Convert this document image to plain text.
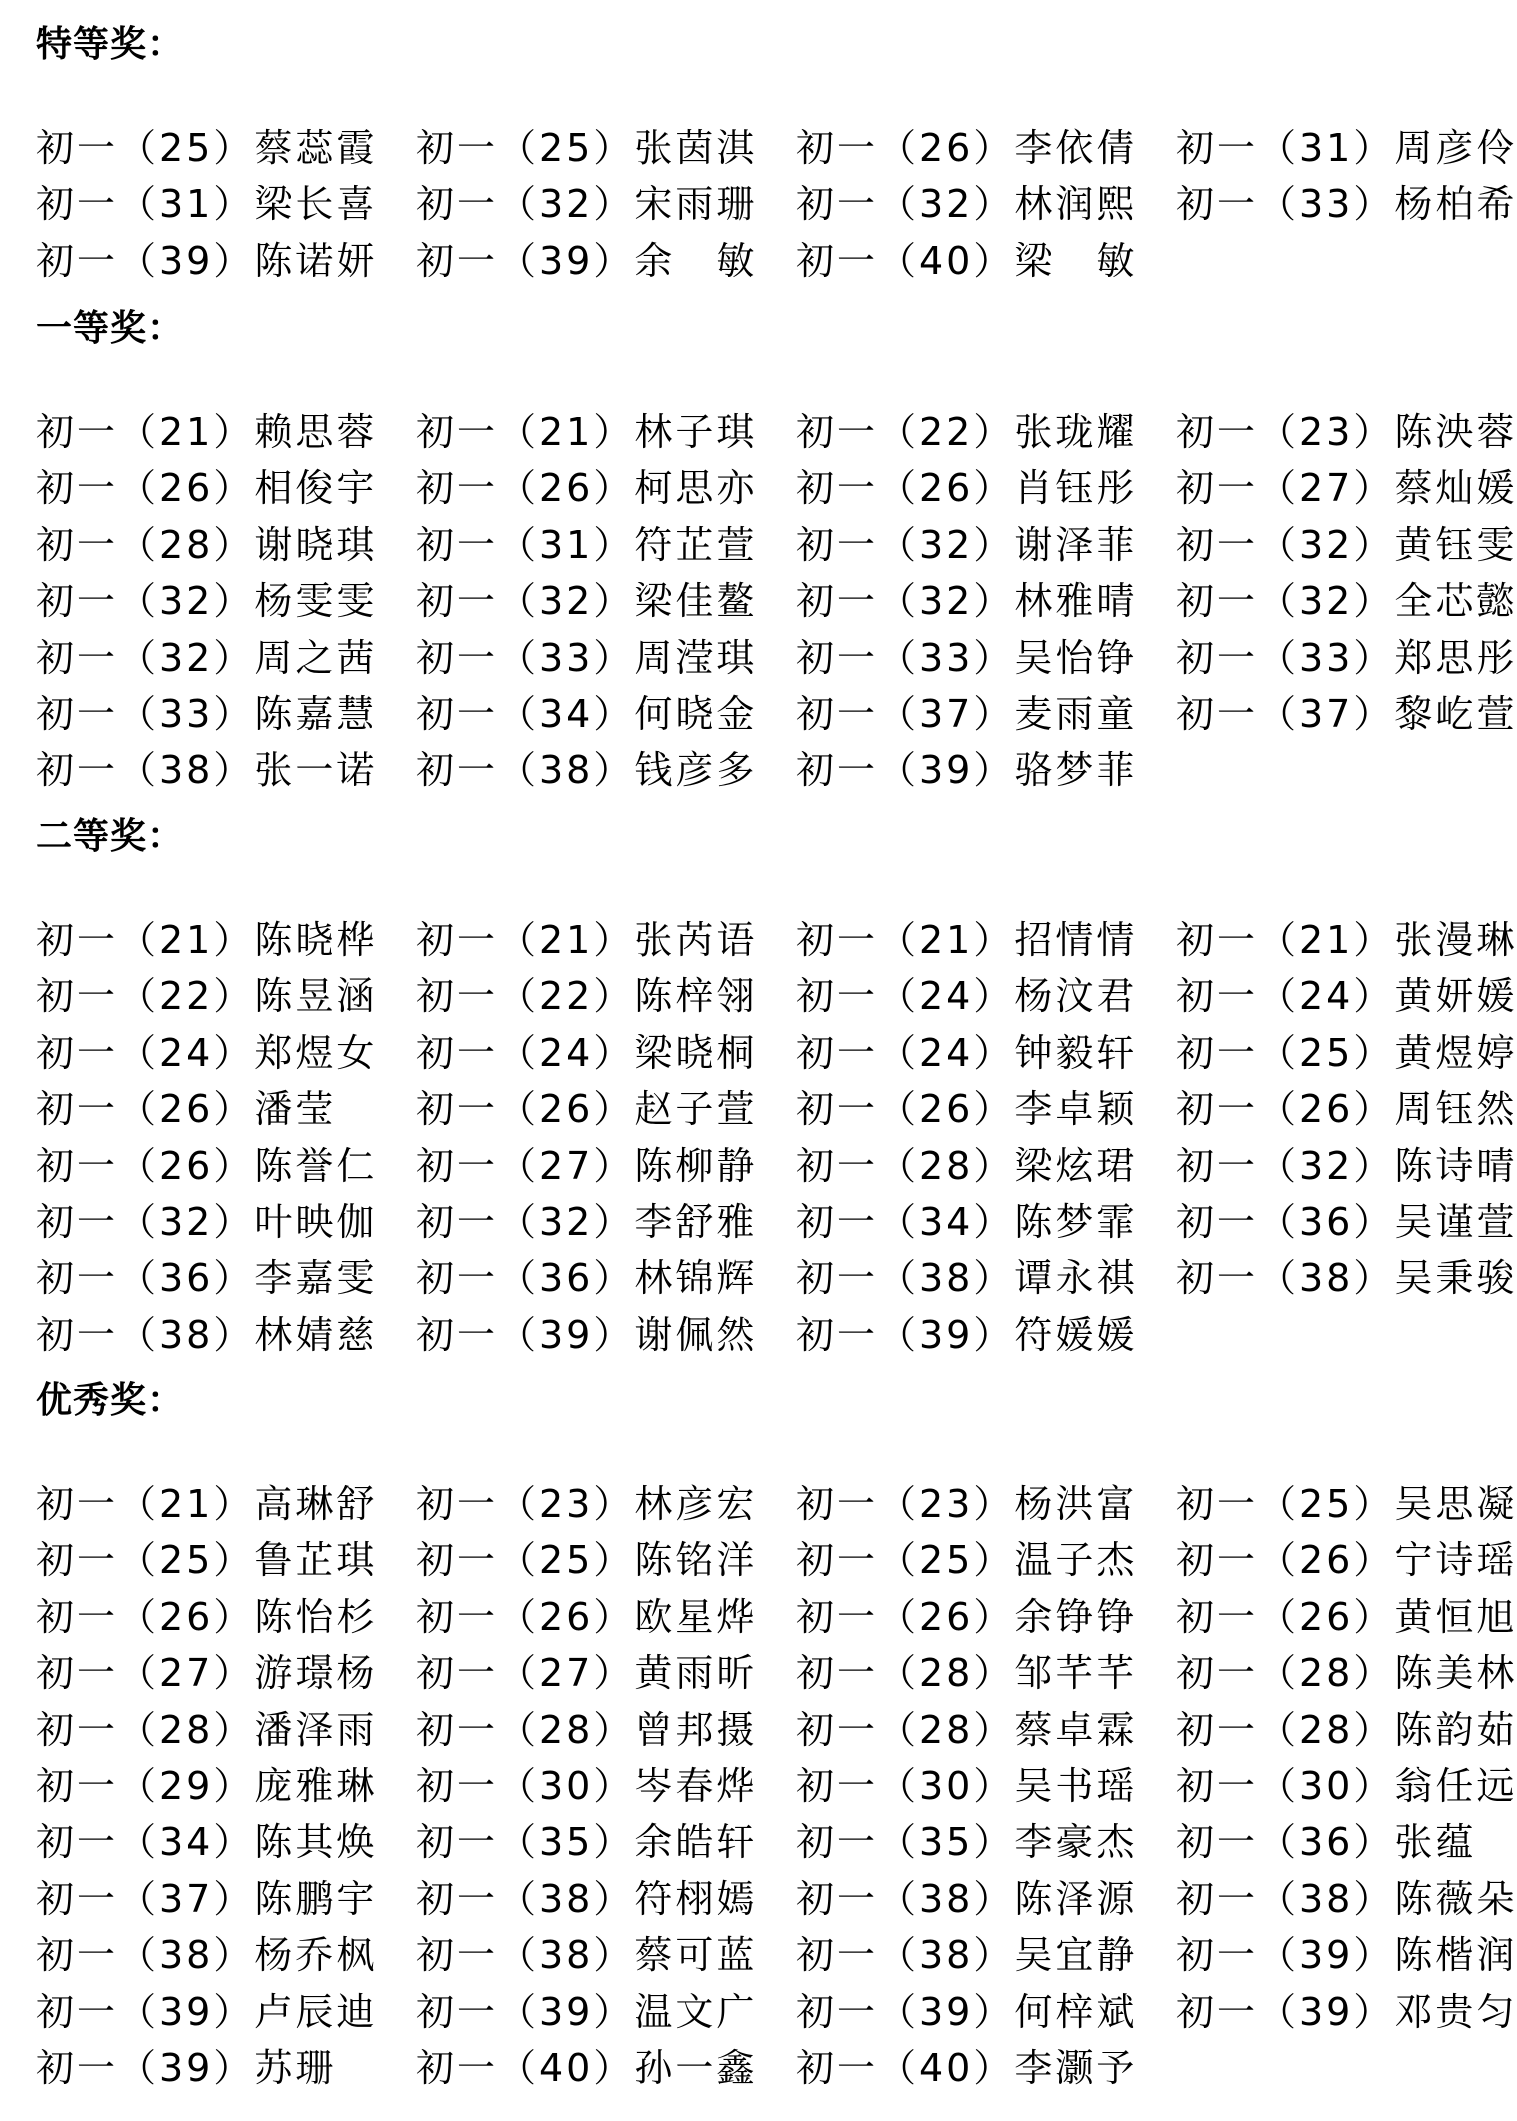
特等奖：
初一（25）蔡蕊霞 初一（25）张茵淇 初一（26）李依倩 初一（31）周彦伶
初一（31）梁长喜 初一（32）宋雨珊 初一（32）林润熙 初一（33）杨柏希
初一（39）陈诺妍 初一（39）余　敏 初一（40）梁　敏
一等奖：
初一（21）赖思蓉 初一（21）林子琪 初一（22）张珑耀 初一（23）陈泱蓉
初一（26）相俊宇 初一（26）柯思亦 初一（26）肖钰彤 初一（27）蔡灿媛
初一（28）谢晓琪 初一（31）符芷萱 初一（32）谢泽菲 初一（32）黄钰雯
初一（32）杨雯雯 初一（32）梁佳鳌 初一（32）林雅晴 初一（32）全芯懿
初一（32）周之茜 初一（33）周滢琪 初一（33）吴怡铮 初一（33）郑思彤
初一（33）陈嘉慧 初一（34）何晓金 初一（37）麦雨童 初一（37）黎屹萱
初一（38）张一诺 初一（38）钱彦多 初一（39）骆梦菲
二等奖：
初一（21）陈晓桦 初一（21）张芮语 初一（21）招情情 初一（21）张漫琳
初一（22）陈昱涵 初一（22）陈梓翎 初一（24）杨汶君 初一（24）黄妍媛
初一（24）郑煜女 初一（24）梁晓桐 初一（24）钟毅轩 初一（25）黄煜婷
初一（26）潘莹 初一（26）赵子萱 初一（26）李卓颖 初一（26）周钰然
初一（26）陈誉仁 初一（27）陈柳静 初一（28）梁炫珺 初一（32）陈诗晴
初一（32）叶映伽 初一（32）李舒雅 初一（34）陈梦霏 初一（36）吴谨萱
初一（36）李嘉雯 初一（36）林锦辉 初一（38）谭永祺 初一（38）吴秉骏
初一（38）林婧慈 初一（39）谢佩然 初一（39）符媛媛
优秀奖：
初一（21）高琳舒 初一（23）林彦宏 初一（23）杨洪富 初一（25）吴思凝
初一（25）鲁芷琪 初一（25）陈铭洋 初一（25）温子杰 初一（26）宁诗瑶
初一（26）陈怡杉 初一（26）欧星烨 初一（26）余铮铮 初一（26）黄恒旭
初一（27）游璟杨 初一（27）黄雨昕 初一（28）邹芊芊 初一（28）陈美林
初一（28）潘泽雨 初一（28）曾邦摄 初一（28）蔡卓霖 初一（28）陈韵茹
初一（29）庞雅琳 初一（30）岑春烨 初一（30）吴书瑶 初一（30）翁任远
初一（34）陈其焕 初一（35）余皓轩 初一（35）李豪杰 初一（36）张蕴
初一（37）陈鹏宇 初一（38）符栩嫣 初一（38）陈泽源 初一（38）陈薇朵
初一（38）杨乔枫 初一（38）蔡可蓝 初一（38）吴宜静 初一（39）陈楷润
初一（39）卢辰迪 初一（39）温文广 初一（39）何梓斌 初一（39）邓贵匀
初一（39）苏珊 初一（40）孙一鑫 初一（40）李灏予
